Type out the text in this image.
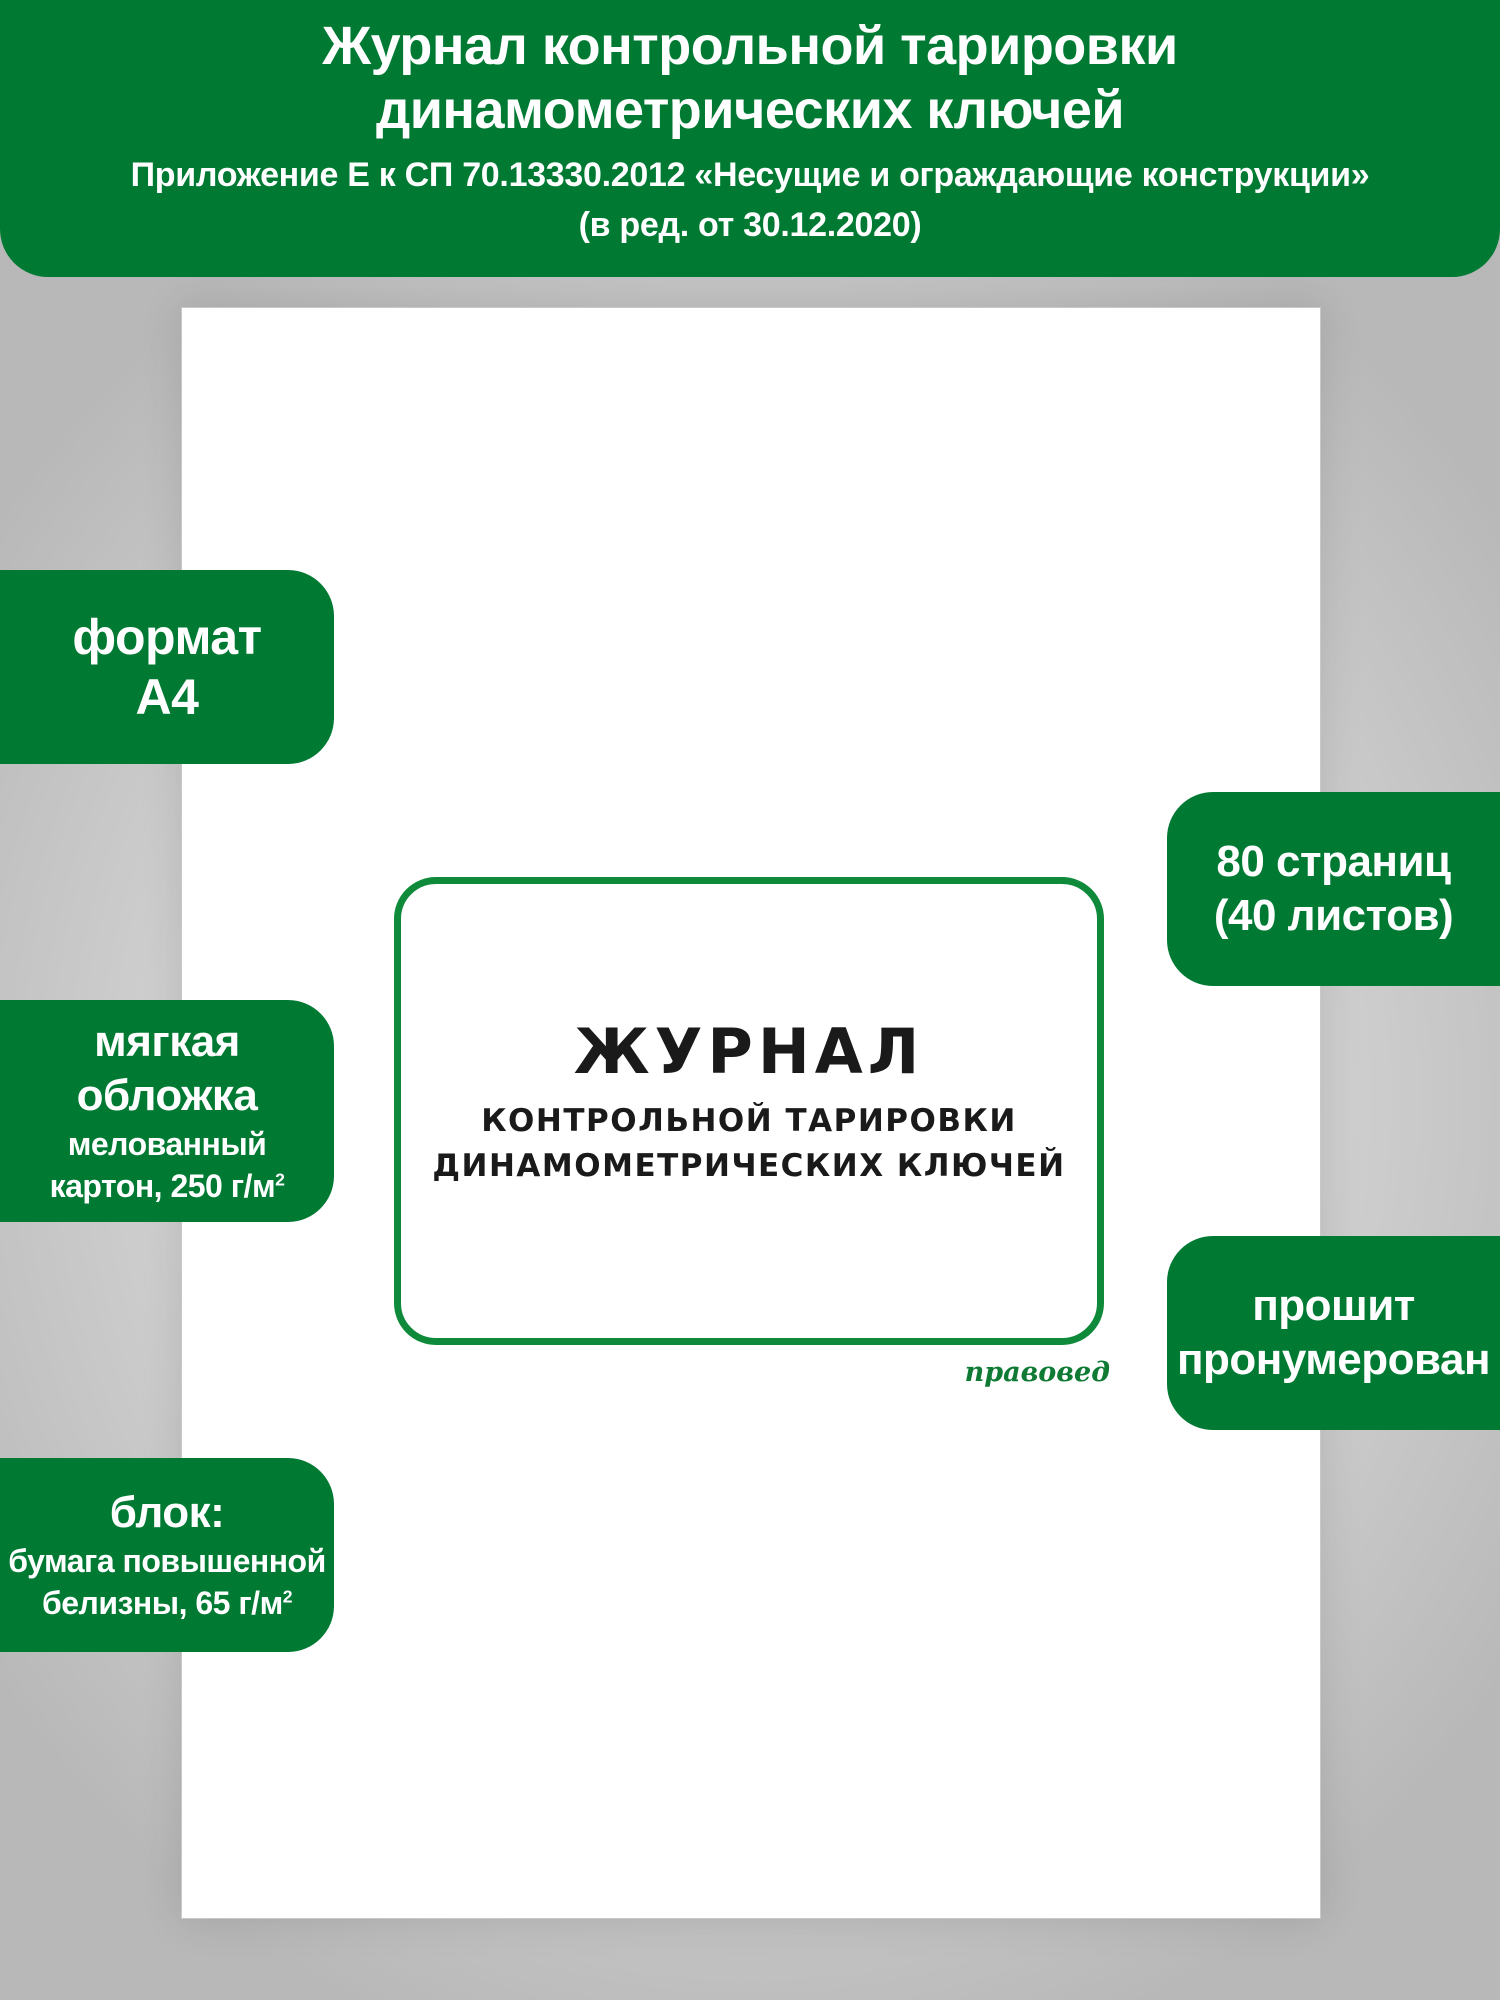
Журнал контрольной тарировки
динамометрических ключей
Приложение Е к СП 70.13330.2012 «Несущие и ограждающие конструкции»
(в ред. от 30.12.2020)
ЖУРНАЛ
КОНТРОЛЬНОЙ ТАРИРОВКИ
ДИНАМОМЕТРИЧЕСКИХ КЛЮЧЕЙ
правовед
формат
А4
мягкая
обложка
мелованный
картон, 250 $г/м^2$
блок:
бумага повышенной
белизны, 65 $г/м^2$
80 страниц
(40 листов)
прошит
пронумерован
